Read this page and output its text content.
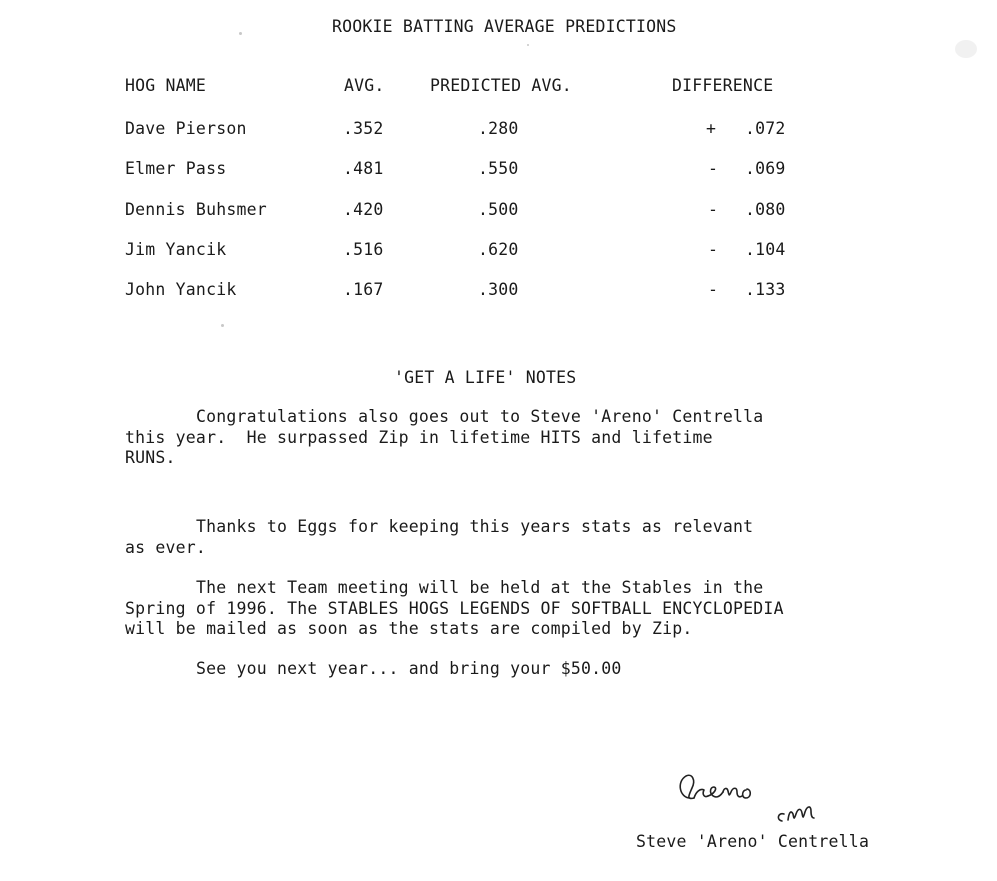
ROOKIE BATTING AVERAGE PREDICTIONS
HOG NAME	AVG.	PREDICTED AVG.	DIFFERENCE
Dave Pierson	.352	.280	+ .072
Elmer Pass	.481	.550	- .069
Dennis Buhsmer	.420	.500	- .080
Jim Yancik	.516	.620	- .104
John Yancik	.167	.300	- .133
'GET A LIFE' NOTES
Congratulations also goes out to Steve 'Areno' Centrella
this year.  He surpassed Zip in lifetime HITS and lifetime
RUNS.
Thanks to Eggs for keeping this years stats as relevant
as ever.
The next Team meeting will be held at the Stables in the
Spring of 1996. The STABLES HOGS LEGENDS OF SOFTBALL ENCYCLOPEDIA
will be mailed as soon as the stats are compiled by Zip.
See you next year... and bring your $50.00
Steve 'Areno' Centrella
